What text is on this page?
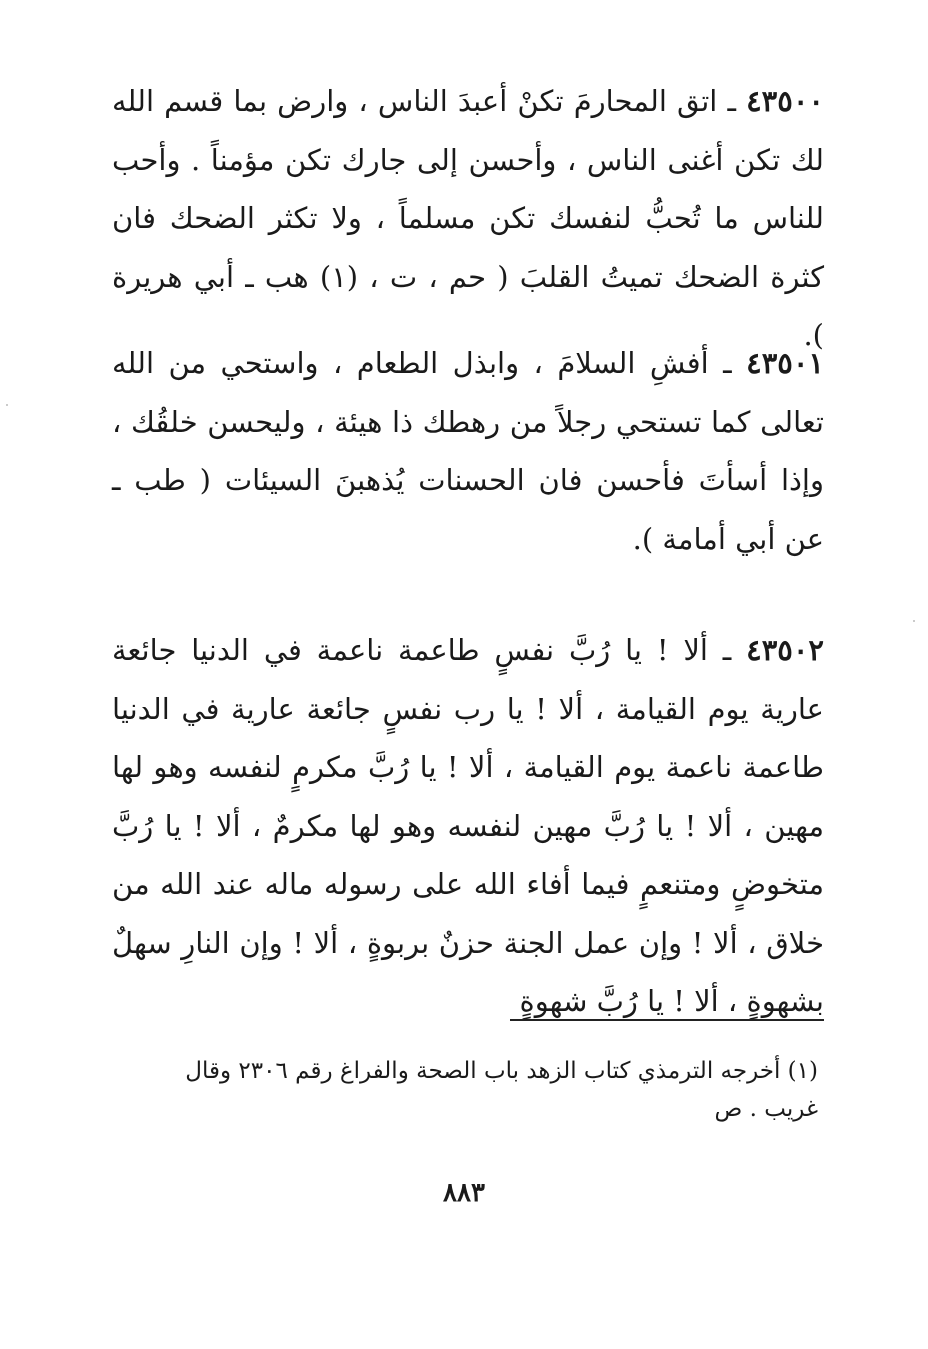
٤٣٥٠٠ ـ اتق المحارمَ تكنْ أعبدَ الناس ، وارض بما قسم الله لك تكن أغنى الناس ، وأحسن إلى جارك تكن مؤمناً . وأحب للناس ما تُحبُّ لنفسك تكن مسلماً ، ولا تكثر الضحك فان كثرة الضحك تميتُ القلبَ ( حم ، ت ، (١) هب ـ أبي هريرة ).

٤٣٥٠١ ـ أفشِ السلامَ ، وابذل الطعام ، واستحي من الله تعالى كما تستحي رجلاً من رهطك ذا هيئة ، وليحسن خلقُك ، وإذا أسأتَ فأحسن فان الحسنات يُذهبنَ السيئات ( طب ـ عن أبي أمامة ).

٤٣٥٠٢ ـ ألا ! يا رُبَّ نفسٍ طاعمة ناعمة في الدنيا جائعة عارية يوم القيامة ، ألا ! يا رب نفسٍ جائعة عارية في الدنيا طاعمة ناعمة يوم القيامة ، ألا ! يا رُبَّ مكرمٍ لنفسه وهو لها مهين ، ألا ! يا رُبَّ مهين لنفسه وهو لها مكرمٌ ، ألا ! يا رُبَّ متخوضٍ ومتنعمٍ فيما أفاء الله على رسوله ماله عند الله من خلاق ، ألا ! وإن عمل الجنة حزنٌ بربوةٍ ، ألا ! وإن النارِ سهلٌ بشهوةٍ ، ألا ! يا رُبَّ شهوةٍ

(١) أخرجه الترمذي كتاب الزهد باب الصحة والفراغ رقم ٢٣٠٦ وقال غريب . ص

٨٨٣
